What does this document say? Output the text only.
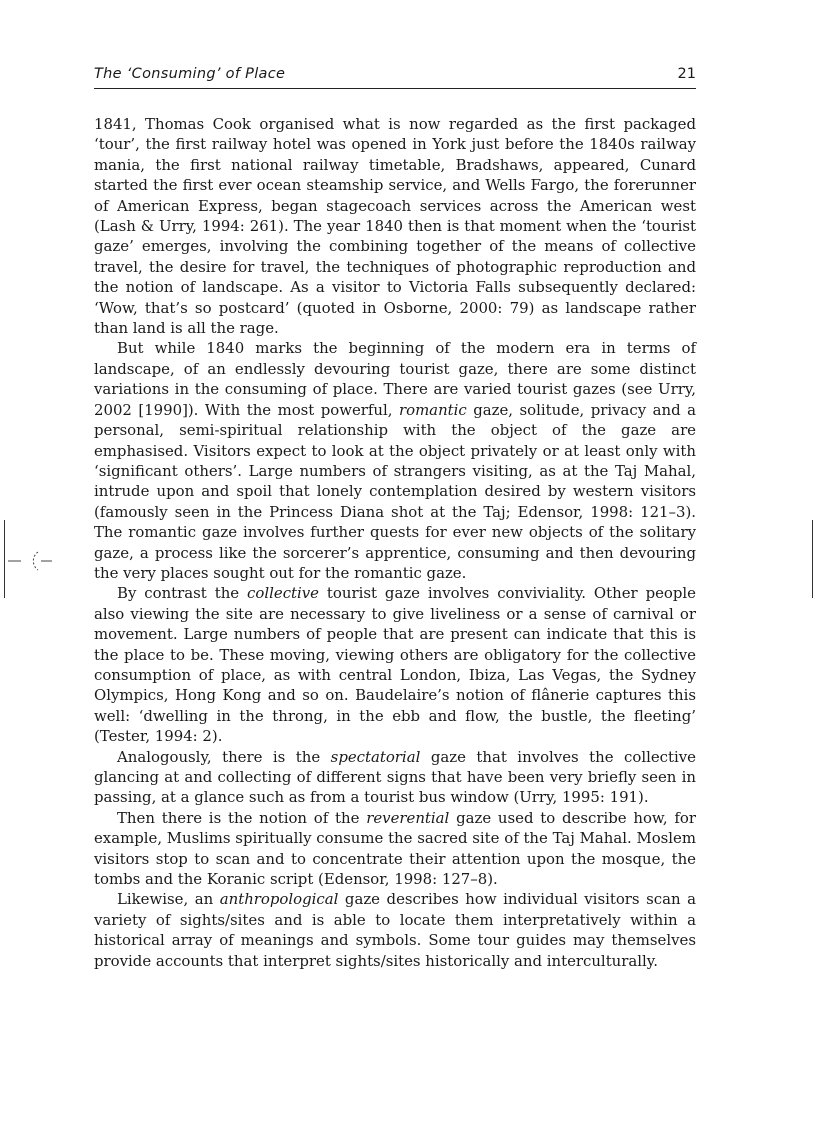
The ‘Consuming’ of Place	21

1841, Thomas Cook organised what is now regarded as the first packaged ‘tour’, the first railway hotel was opened in York just before the 1840s railway mania, the first national railway timetable, Bradshaws, appeared, Cunard started the first ever ocean steamship service, and Wells Fargo, the forerunner of American Express, began stagecoach services across the American west (Lash & Urry, 1994: 261). The year 1840 then is that moment when the ‘tourist gaze’ emerges, involving the combining together of the means of collective travel, the desire for travel, the techniques of photographic reproduction and the notion of landscape. As a visitor to Victoria Falls subsequently declared: ‘Wow, that’s so postcard’ (quoted in Osborne, 2000: 79) as landscape rather than land is all the rage.

But while 1840 marks the beginning of the modern era in terms of landscape, of an endlessly devouring tourist gaze, there are some distinct variations in the consuming of place. There are varied tourist gazes (see Urry, 2002 [1990]). With the most powerful, romantic gaze, solitude, privacy and a personal, semi-spiritual relationship with the object of the gaze are emphasised. Visitors expect to look at the object privately or at least only with ‘significant others’. Large numbers of strangers visiting, as at the Taj Mahal, intrude upon and spoil that lonely contemplation desired by western visitors (famously seen in the Princess Diana shot at the Taj; Edensor, 1998: 121–3). The romantic gaze involves further quests for ever new objects of the solitary gaze, a process like the sorcerer’s apprentice, consuming and then devouring the very places sought out for the romantic gaze.

By contrast the collective tourist gaze involves conviviality. Other people also viewing the site are necessary to give liveliness or a sense of carnival or movement. Large numbers of people that are present can indicate that this is the place to be. These moving, viewing others are obligatory for the collective consumption of place, as with central London, Ibiza, Las Vegas, the Sydney Olympics, Hong Kong and so on. Baudelaire’s notion of flânerie captures this well: ‘dwelling in the throng, in the ebb and flow, the bustle, the fleeting’ (Tester, 1994: 2).

Analogously, there is the spectatorial gaze that involves the collective glancing at and collecting of different signs that have been very briefly seen in passing, at a glance such as from a tourist bus window (Urry, 1995: 191).

Then there is the notion of the reverential gaze used to describe how, for example, Muslims spiritually consume the sacred site of the Taj Mahal. Moslem visitors stop to scan and to concentrate their attention upon the mosque, the tombs and the Koranic script (Edensor, 1998: 127–8).

Likewise, an anthropological gaze describes how individual visitors scan a variety of sights/sites and is able to locate them interpretatively within a historical array of meanings and symbols. Some tour guides may themselves provide accounts that interpret sights/sites historically and interculturally.
